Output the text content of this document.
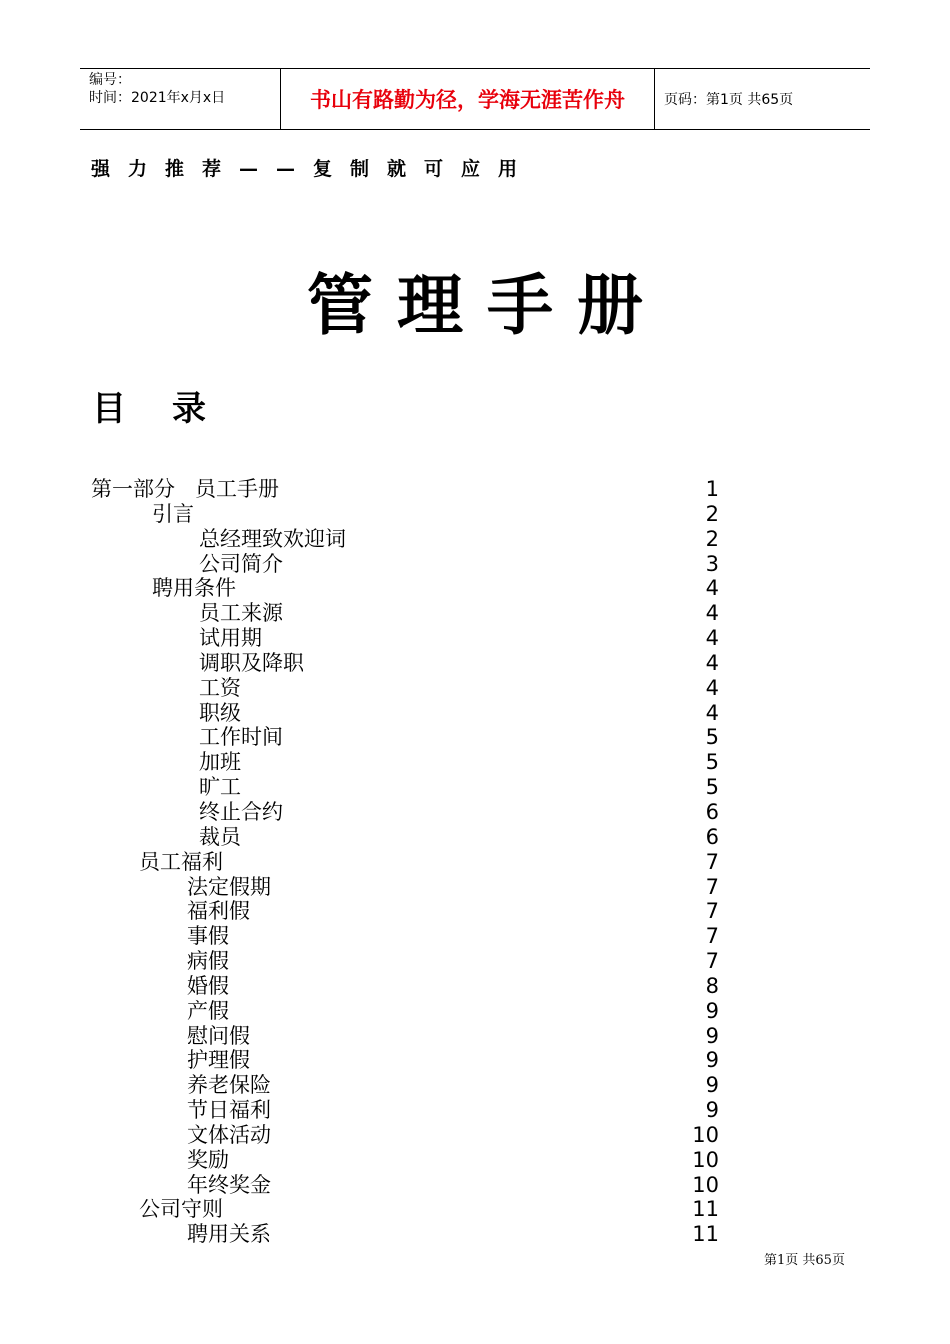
编号：
时间：2021年x月x日	书山有路勤为径，学海无涯苦作舟	页码：第1页 共65页
强力推荐——复制就可应用
管理手册
目录
第一部分   员工手册	1
引言	2
总经理致欢迎词	2
公司简介	3
聘用条件	4
员工来源	4
试用期	4
调职及降职	4
工资	4
职级	4
工作时间	5
加班	5
旷工	5
终止合约	6
裁员	6
员工福利	7
法定假期	7
福利假	7
事假	7
病假	7
婚假	8
产假	9
慰问假	9
护理假	9
养老保险	9
节日福利	9
文体活动	10
奖励	10
年终奖金	10
公司守则	11
聘用关系	11
第1页 共65页
